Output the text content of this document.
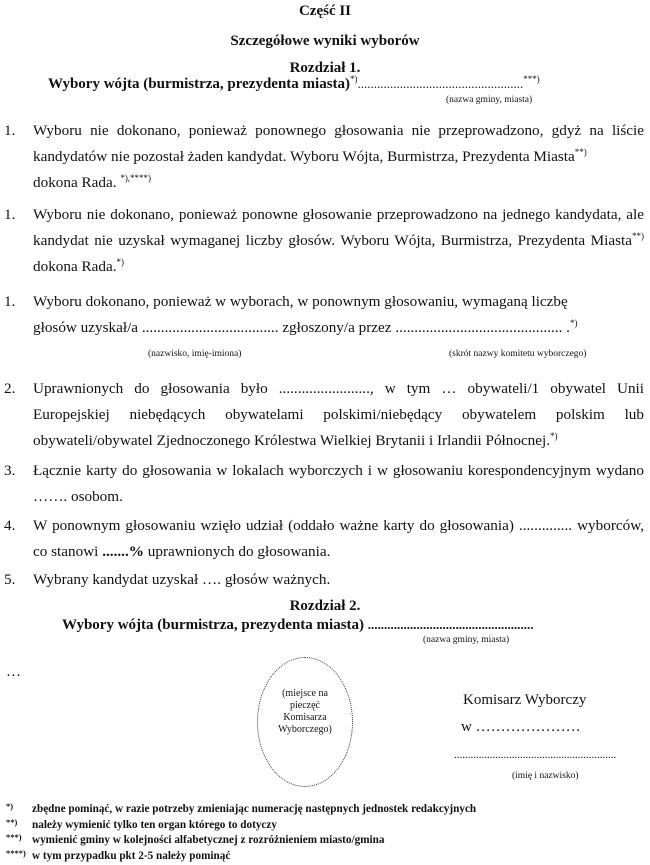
Część II
Szczegółowe wyniki wyborów
Rozdział 1.
Wybory wójta (burmistrza, prezydenta miasta)*)...................................................***)
(nazwa gminy, miasta)
1. Wyboru nie dokonano, ponieważ ponownego głosowania nie przeprowadzono, gdyż na liście kandydatów nie pozostał żaden kandydat. Wyboru Wójta, Burmistrza, Prezydenta Miasta**)
dokona Rada. *),****)
1. Wyboru nie dokonano, ponieważ ponowne głosowanie przeprowadzono na jednego kandydata, ale kandydat nie uzyskał wymaganej liczby głosów. Wyboru Wójta, Burmistrza, Prezydenta Miasta**) dokona Rada.*)
1. Wyboru dokonano, ponieważ w wyborach, w ponownym głosowaniu, wymaganą liczbę
głosów uzyskał/a .................................... zgłoszony/a przez ............................................ .*)
(nazwisko, imię-imiona)	(skrót nazwy komitetu wyborczego)
2. Uprawnionych do głosowania było ........................, w tym … obywateli/1 obywatel Unii Europejskiej niebędących obywatelami polskimi/niebędący obywatelem polskim lub obywateli/obywatel Zjednoczonego Królestwa Wielkiej Brytanii i Irlandii Północnej.*)
3. Łącznie karty do głosowania w lokalach wyborczych i w głosowaniu korespondencyjnym wydano ……. osobom.
4. W ponownym głosowaniu wzięło udział (oddało ważne karty do głosowania) .............. wyborców, co stanowi .......% uprawnionych do głosowania.
5. Wybrany kandydat uzyskał …. głosów ważnych.
Rozdział 2.
Wybory wójta (burmistrza, prezydenta miasta) ...................................................
(nazwa gminy, miasta)
…
(miejsce na
pieczęć
Komisarza
Wyborczego)
Komisarz Wyborczy
w …………………
...........................................................
(imię i nazwisko)
*) zbędne pominąć, w razie potrzeby zmieniając numerację następnych jednostek redakcyjnych
**) należy wymienić tylko ten organ którego to dotyczy
***) wymienić gminy w kolejności alfabetycznej z rozróżnieniem miasto/gmina
****) w tym przypadku pkt 2-5 należy pominąć
